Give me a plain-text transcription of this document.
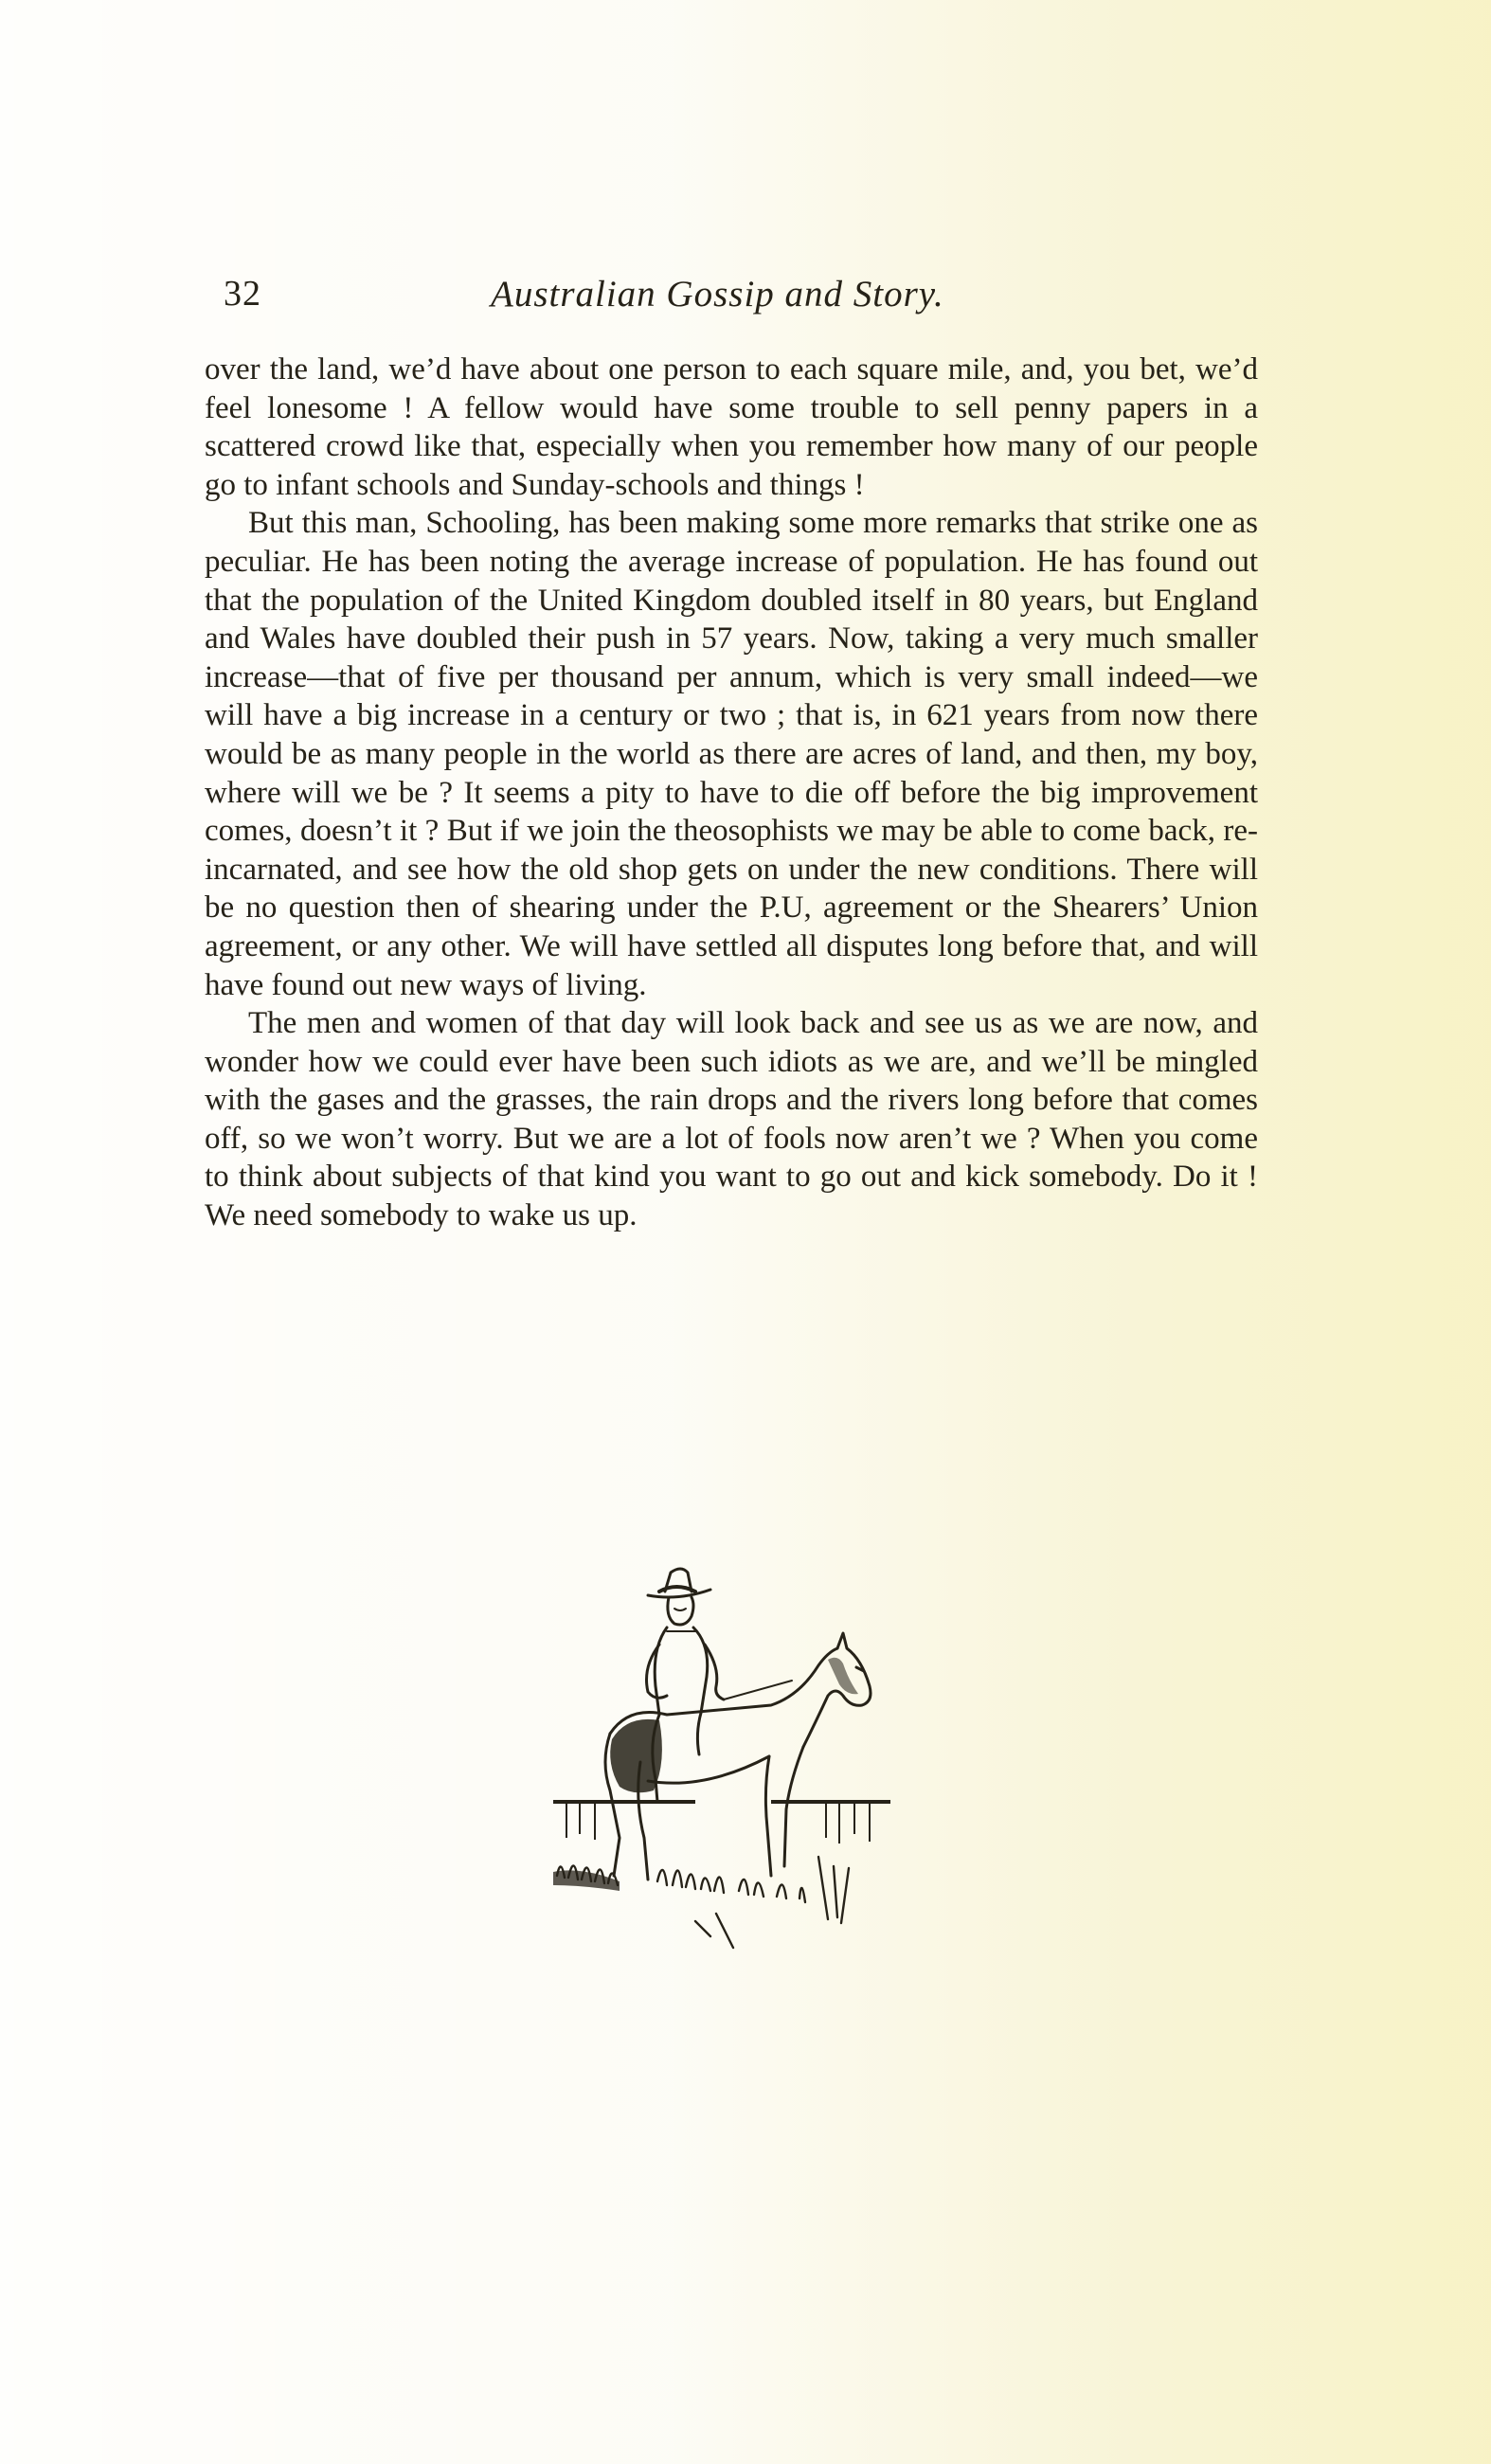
32	Australian Gossip and Story.

over the land, we’d have about one person to each square mile, and, you bet, we’d feel lonesome ! A fellow would have some trouble to sell penny papers in a scattered crowd like that, especially when you remember how many of our people go to infant schools and Sunday-schools and things !

But this man, Schooling, has been making some more remarks that strike one as peculiar. He has been noting the average increase of population. He has found out that the population of the United Kingdom doubled itself in 80 years, but England and Wales have doubled their push in 57 years. Now, taking a very much smaller increase—that of five per thousand per annum, which is very small indeed—we will have a big increase in a century or two ; that is, in 621 years from now there would be as many people in the world as there are acres of land, and then, my boy, where will we be ? It seems a pity to have to die off before the big improvement comes, doesn’t it ? But if we join the theosophists we may be able to come back, re-incarnated, and see how the old shop gets on under the new conditions. There will be no question then of shearing under the P.U, agreement or the Shearers’ Union agreement, or any other. We will have settled all disputes long before that, and will have found out new ways of living.

The men and women of that day will look back and see us as we are now, and wonder how we could ever have been such idiots as we are, and we’ll be mingled with the gases and the grasses, the rain drops and the rivers long before that comes off, so we won’t worry. But we are a lot of fools now aren’t we ? When you come to think about subjects of that kind you want to go out and kick somebody. Do it ! We need somebody to wake us up.
